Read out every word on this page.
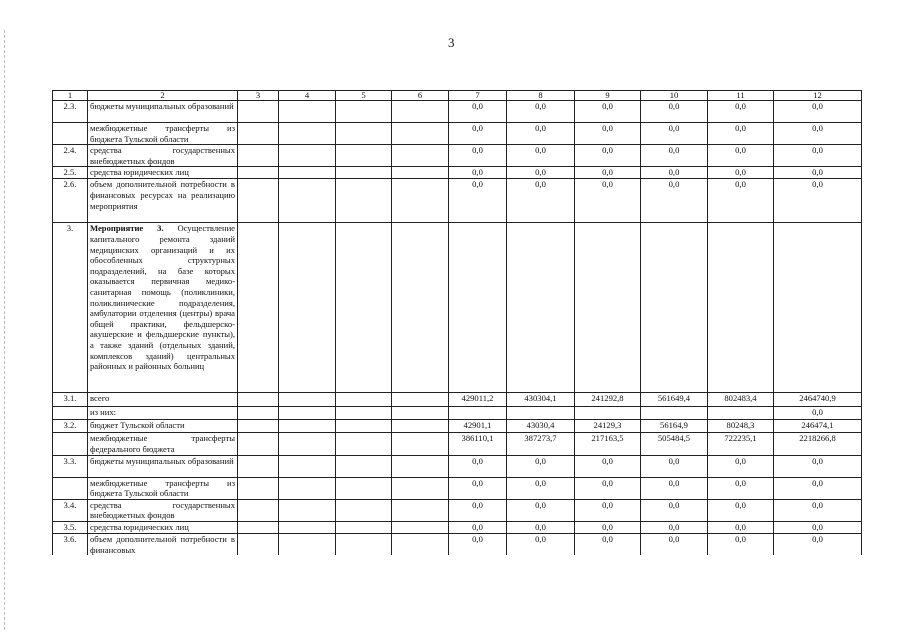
3
1	2	3	4	5	6	7	8	9	10	11	12
2.3.	бюджеты муниципальных образований					0,0	0,0	0,0	0,0	0,0	0,0
	межбюджетные трансферты из бюджета Тульской области					0,0	0,0	0,0	0,0	0,0	0,0
2.4.	средства государственных внебюджетных фондов					0,0	0,0	0,0	0,0	0,0	0,0
2.5.	средства юридических лиц					0,0	0,0	0,0	0,0	0,0	0,0
2.6.	объем дополнительной потребности в финансовых ресурсах на реализацию мероприятия					0,0	0,0	0,0	0,0	0,0	0,0
3.	Мероприятие 3. Осуществление капитального ремонта зданий медицинских организаций и их обособленных структурных подразделений, на базе которых оказывается первичная медико-санитарная помощь (поликлиники, поликлинические подразделения, амбулатории отделения (центры) врача общей практики, фельдшерско-акушерские и фельдшерские пункты), а также зданий (отдельных зданий, комплексов зданий) центральных районных и районных больниц										
3.1.	всего					429011,2	430304,1	241292,8	561649,4	802483,4	2464740,9
	из них:										0,0
3.2.	бюджет Тульской области					42901,1	43030,4	24129,3	56164,9	80248,3	246474,1
	межбюджетные трансферты федерального бюджета					386110,1	387273,7	217163,5	505484,5	722235,1	2218266,8
3.3.	бюджеты муниципальных образований					0,0	0,0	0,0	0,0	0,0	0,0
	межбюджетные трансферты из бюджета Тульской области					0,0	0,0	0,0	0,0	0,0	0,0
3.4.	средства государственных внебюджетных фондов					0,0	0,0	0,0	0,0	0,0	0,0
3.5.	средства юридических лиц					0,0	0,0	0,0	0,0	0,0	0,0
3.6.	объем дополнительной потребности в финансовых					0,0	0,0	0,0	0,0	0,0	0,0
